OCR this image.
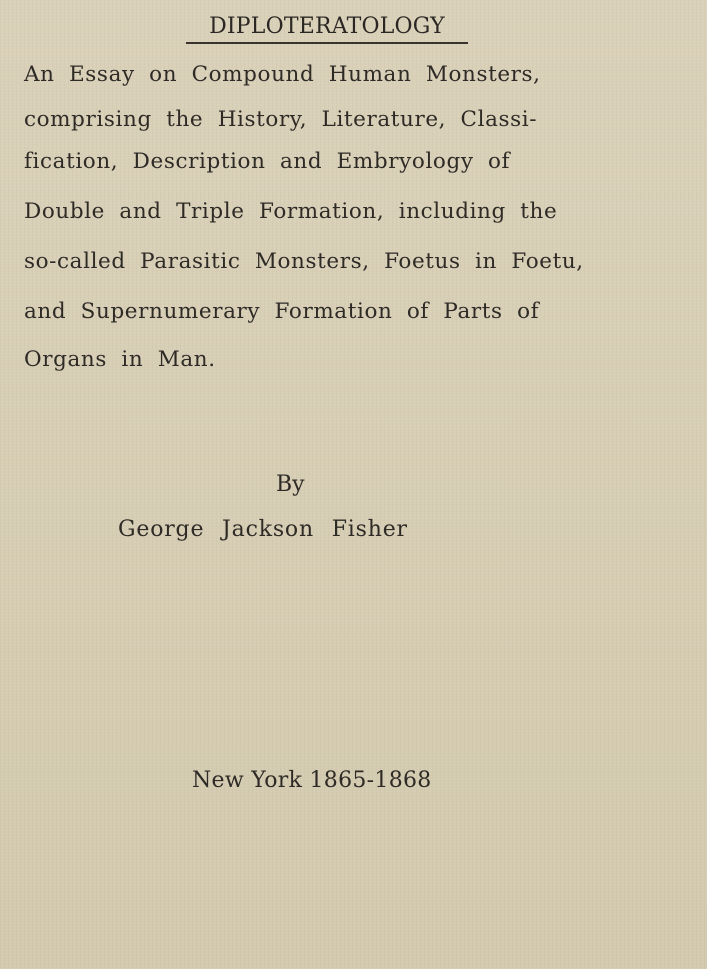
DIPLOTERATOLOGY
An Essay on Compound Human Monsters,
comprising the History, Literature, Classi-
fication, Description and Embryology of
Double and Triple Formation, including the
so-called Parasitic Monsters, Foetus in Foetu,
and Supernumerary Formation of Parts of
Organs in Man.
By
George Jackson Fisher
New York 1865-1868
